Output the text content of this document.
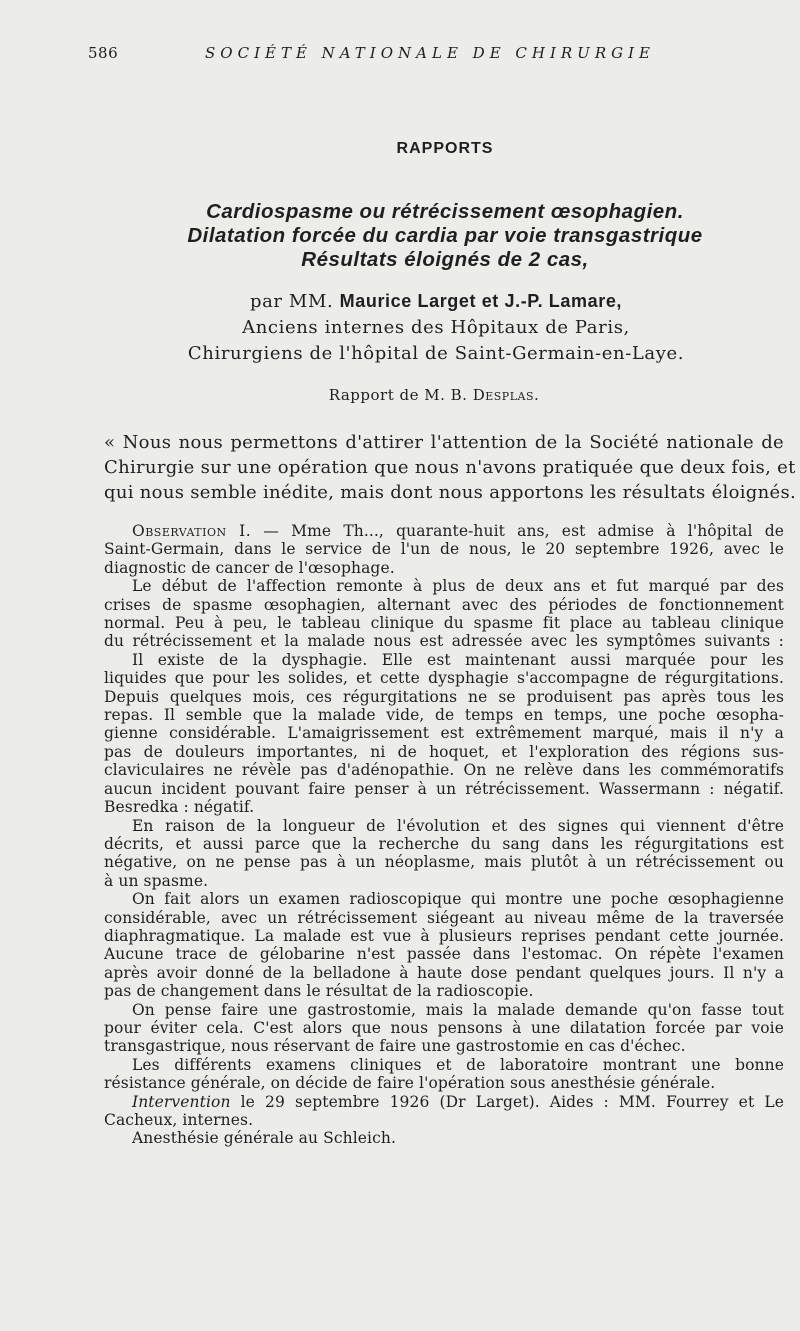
586	SOCIÉTÉ NATIONALE DE CHIRURGIE
RAPPORTS
Cardiospasme ou rétrécissement œsophagien.
Dilatation forcée du cardia par voie transgastrique
Résultats éloignés de 2 cas,
par MM. Maurice Larget et J.-P. Lamare,
Anciens internes des Hôpitaux de Paris,
Chirurgiens de l'hôpital de Saint-Germain-en-Laye.
Rapport de M. B. Desplas.
« Nous nous permettons d'attirer l'attention de la Société nationale de
Chirurgie sur une opération que nous n'avons pratiquée que deux fois, et
qui nous semble inédite, mais dont nous apportons les résultats éloignés.
Observation I. — Mme Th..., quarante-huit ans, est admise à l'hôpital de
Saint-Germain, dans le service de l'un de nous, le 20 septembre 1926, avec le
diagnostic de cancer de l'œsophage.
Le début de l'affection remonte à plus de deux ans et fut marqué par des
crises de spasme œsophagien, alternant avec des périodes de fonctionnement
normal. Peu à peu, le tableau clinique du spasme fit place au tableau clinique
du rétrécissement et la malade nous est adressée avec les symptômes suivants :
Il existe de la dysphagie. Elle est maintenant aussi marquée pour les
liquides que pour les solides, et cette dysphagie s'accompagne de régurgitations.
Depuis quelques mois, ces régurgitations ne se produisent pas après tous les
repas. Il semble que la malade vide, de temps en temps, une poche œsopha-
gienne considérable. L'amaigrissement est extrêmement marqué, mais il n'y a
pas de douleurs importantes, ni de hoquet, et l'exploration des régions sus-
claviculaires ne révèle pas d'adénopathie. On ne relève dans les commémoratifs
aucun incident pouvant faire penser à un rétrécissement. Wassermann : négatif.
Besredka : négatif.
En raison de la longueur de l'évolution et des signes qui viennent d'être
décrits, et aussi parce que la recherche du sang dans les régurgitations est
négative, on ne pense pas à un néoplasme, mais plutôt à un rétrécissement ou
à un spasme.
On fait alors un examen radioscopique qui montre une poche œsophagienne
considérable, avec un rétrécissement siégeant au niveau même de la traversée
diaphragmatique. La malade est vue à plusieurs reprises pendant cette journée.
Aucune trace de gélobarine n'est passée dans l'estomac. On répète l'examen
après avoir donné de la belladone à haute dose pendant quelques jours. Il n'y a
pas de changement dans le résultat de la radioscopie.
On pense faire une gastrostomie, mais la malade demande qu'on fasse tout
pour éviter cela. C'est alors que nous pensons à une dilatation forcée par voie
transgastrique, nous réservant de faire une gastrostomie en cas d'échec.
Les différents examens cliniques et de laboratoire montrant une bonne
résistance générale, on décide de faire l'opération sous anesthésie générale.
Intervention le 29 septembre 1926 (Dr Larget). Aides : MM. Fourrey et Le
Cacheux, internes.
Anesthésie générale au Schleich.
